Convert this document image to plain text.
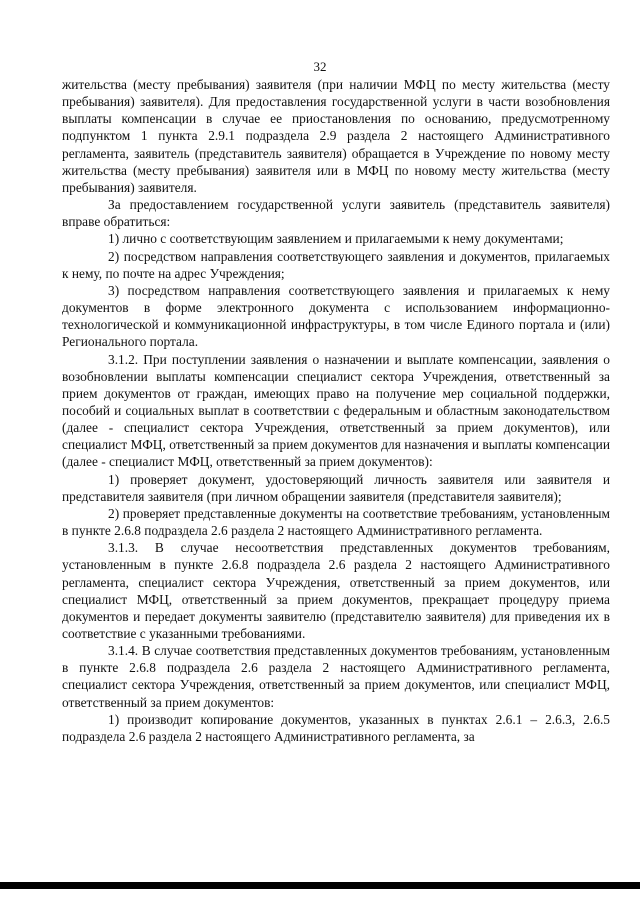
32

жительства (месту пребывания) заявителя (при наличии МФЦ по месту жительства (месту пребывания) заявителя). Для предоставления государственной услуги в части возобновления выплаты компенсации в случае ее приостановления по основанию, предусмотренному подпунктом 1 пункта 2.9.1 подраздела 2.9 раздела 2 настоящего Административного регламента, заявитель (представитель заявителя) обращается в Учреждение по новому месту жительства (месту пребывания) заявителя или в МФЦ по новому месту жительства (месту пребывания) заявителя.

За предоставлением государственной услуги заявитель (представитель заявителя) вправе обратиться:

1) лично с соответствующим заявлением и прилагаемыми к нему документами;

2) посредством направления соответствующего заявления и документов, прилагаемых к нему, по почте на адрес Учреждения;

3) посредством направления соответствующего заявления и прилагаемых к нему документов в форме электронного документа с использованием информационно-технологической и коммуникационной инфраструктуры, в том числе Единого портала и (или) Регионального портала.

3.1.2. При поступлении заявления о назначении и выплате компенсации, заявления о возобновлении выплаты компенсации специалист сектора Учреждения, ответственный за прием документов от граждан, имеющих право на получение мер социальной поддержки, пособий и социальных выплат в соответствии с федеральным и областным законодательством (далее - специалист сектора Учреждения, ответственный за прием документов), или специалист МФЦ, ответственный за прием документов для назначения и выплаты компенсации (далее - специалист МФЦ, ответственный за прием документов):

1) проверяет документ, удостоверяющий личность заявителя или заявителя и представителя заявителя (при личном обращении заявителя (представителя заявителя);

2) проверяет представленные документы на соответствие требованиям, установленным в пункте 2.6.8 подраздела 2.6 раздела 2 настоящего Административного регламента.

3.1.3. В случае несоответствия представленных документов требованиям, установленным в пункте 2.6.8 подраздела 2.6 раздела 2 настоящего Административного регламента, специалист сектора Учреждения, ответственный за прием документов, или специалист МФЦ, ответственный за прием документов, прекращает процедуру приема документов и передает документы заявителю (представителю заявителя) для приведения их в соответствие с указанными требованиями.

3.1.4. В случае соответствия представленных документов требованиям, установленным в пункте 2.6.8 подраздела 2.6 раздела 2 настоящего Административного регламента, специалист сектора Учреждения, ответственный за прием документов, или специалист МФЦ, ответственный за прием документов:

1) производит копирование документов, указанных в пунктах 2.6.1 – 2.6.3, 2.6.5 подраздела 2.6 раздела 2 настоящего Административного регламента, за
